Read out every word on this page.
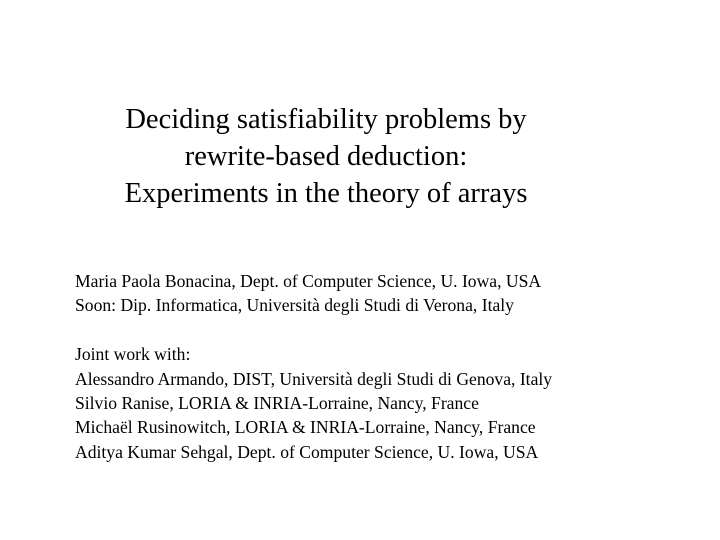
Deciding satisfiability problems by
rewrite-based deduction:
Experiments in the theory of arrays
Maria Paola Bonacina, Dept. of Computer Science, U. Iowa, USA
Soon: Dip. Informatica, Università degli Studi di Verona, Italy
Joint work with:
Alessandro Armando, DIST, Università degli Studi di Genova, Italy
Silvio Ranise, LORIA & INRIA-Lorraine, Nancy, France
Michaël Rusinowitch, LORIA & INRIA-Lorraine, Nancy, France
Aditya Kumar Sehgal, Dept. of Computer Science, U. Iowa, USA
